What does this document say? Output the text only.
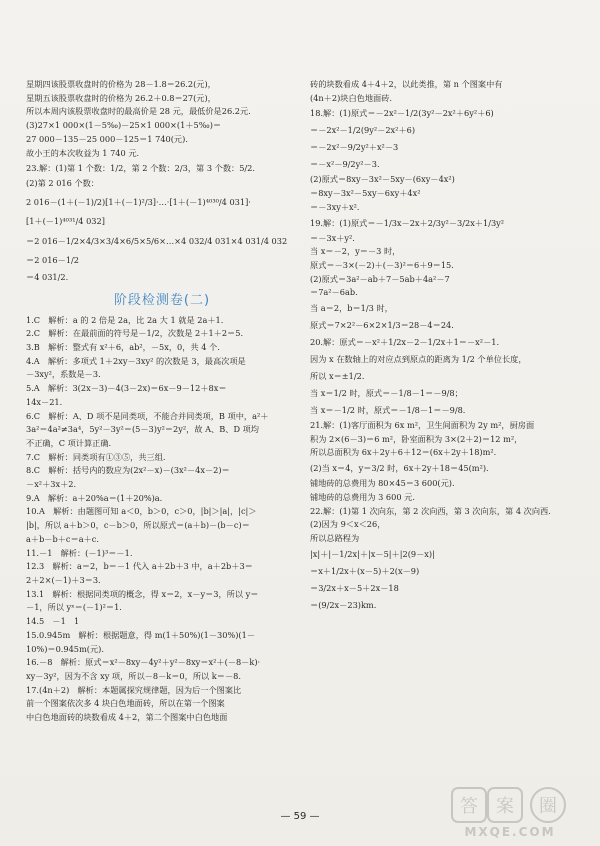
星期四该股票收盘时的价格为 28－1.8＝26.2(元)，

星期五该股票收盘时的价格为 26.2＋0.8＝27(元)，

所以本周内该股票收盘时的最高价是 28 元，最低价是26.2元.

(3)27×1 000×(1－5‰)－25×1 000×(1＋5‰)＝

27 000－135－25 000－125＝1 740(元).

故小王的本次收益为 1 740 元.

23.解：(1)第 1 个数：1/2，第 2 个数：2/3，第 3 个数：5/2.

(2)第 2 016 个数：

2 016－(1＋(－1)/2)[1＋(－1)²/3]·…·[1＋(－1)⁴⁰³⁰/4 031]·

[1＋(－1)⁴⁰³¹/4 032]

＝2 016－1/2×4/3×3/4×6/5×5/6×…×4 032/4 031×4 031/4 032

＝2 016－1/2

＝4 031/2.

阶段检测卷(二)

1.C　解析：a 的 2 倍是 2a，比 2a 大 1 就是 2a＋1.

2.C　解析：在最前面的符号是－1/2，次数是 2＋1＋2＝5.

3.B　解析：整式有 x²＋6，ab²，－5x，0，共 4 个.

4.A　解析：多项式 1＋2xy－3xy² 的次数是 3，最高次项是

－3xy²，系数是－3.

5.A　解析：3(2x－3)－4(3－2x)＝6x－9－12＋8x＝

14x－21.

6.C　解析：A、D 项不是同类项，不能合并同类项，B 项中，a²＋

3a²＝4a²≠3a⁴，5y²－3y²＝(5－3)y²＝2y²，故 A、B、D 项均

不正确，C 项计算正确.

7.C　解析：同类项有①③⑤，共三组.

8.C　解析：括号内的数应为(2x²－x)－(3x²－4x－2)＝

－x²＋3x＋2.

9.A　解析：a＋20%a＝(1＋20%)a.

10.A　解析：由题图可知 a＜0，b＞0，c＞0，|b|＞|a|，|c|＞

|b|，所以 a＋b＞0，c－b＞0，所以原式＝(a＋b)－(b－c)＝

a＋b－b＋c＝a＋c.

11.－1　解析：(－1)³＝－1.

12.3　解析：a＝2，b＝－1 代入 a＋2b＋3 中，a＋2b＋3＝

2＋2×(－1)＋3＝3.

13.1　解析：根据同类项的概念，得 x＝2，x－y＝3，所以 y＝

－1，所以 yˣ＝(－1)²＝1.

14.5　－1　1

15.0.945m　解析：根据题意，得 m(1＋50%)(1－30%)(1－

10%)＝0.945m(元).

16.－8　解析：原式＝x²－8xy－4y²＋y²－8xy＝x²＋(－8－k)·

xy－3y²，因为不含 xy 项，所以－8－k＝0，所以 k＝－8.

17.(4n＋2)　解析：本题属探究规律题，因为后一个图案比

前一个图案依次多 4 块白色地面砖，所以在第一个图案

中白色地面砖的块数看成 4＋2，第二个图案中白色地面

砖的块数看成 4＋4＋2，以此类推，第 n 个图案中有

(4n＋2)块白色地面砖.

18.解：(1)原式＝－2x²－1/2(3y²－2x²＋6y²＋6)

＝－2x²－1/2(9y²－2x²＋6)

＝－2x²－9/2y²＋x²－3

＝－x²－9/2y²－3.

(2)原式＝8xy－3x²－5xy－(6xy－4x²)

＝8xy－3x²－5xy－6xy＋4x²

＝－3xy＋x².

19.解：(1)原式＝－1/3x－2x＋2/3y²－3/2x＋1/3y²

＝－3x＋y².

当 x＝－2，y＝－3 时，

原式＝－3×(－2)＋(－3)²＝6＋9＝15.

(2)原式＝3a²－ab＋7－5ab＋4a²－7

＝7a²－6ab.

当 a＝2，b＝1/3 时，

原式＝7×2²－6×2×1/3＝28－4＝24.

20.解：原式＝－x²＋1/2x－2－1/2x＋1＝－x²－1.

因为 x 在数轴上的对应点到原点的距离为 1/2 个单位长度，

所以 x＝±1/2.

当 x＝1/2 时，原式＝－1/8－1＝－9/8；

当 x＝－1/2 时，原式＝－1/8－1＝－9/8.

21.解：(1)客厅面积为 6x m²，卫生间面积为 2y m²，厨房面

积为 2×(6－3)＝6 m²，卧室面积为 3×(2＋2)＝12 m²，

所以总面积为 6x＋2y＋6＋12＝(6x＋2y＋18)m².

(2)当 x＝4，y＝3/2 时，6x＋2y＋18＝45(m²).

铺地砖的总费用为 80×45＝3 600(元).

铺地砖的总费用为 3 600 元.

22.解：(1)第 1 次向东，第 2 次向西，第 3 次向东，第 4 次向西.

(2)因为 9＜x＜26，

所以总路程为

|x|＋|－1/2x|＋|x－5|＋|2(9－x)|

＝x＋1/2x＋(x－5)＋2(x－9)

＝3/2x＋x－5＋2x－18

＝(9/2x－23)km.

— 59 —	答 案 圈
MXQE.COM
